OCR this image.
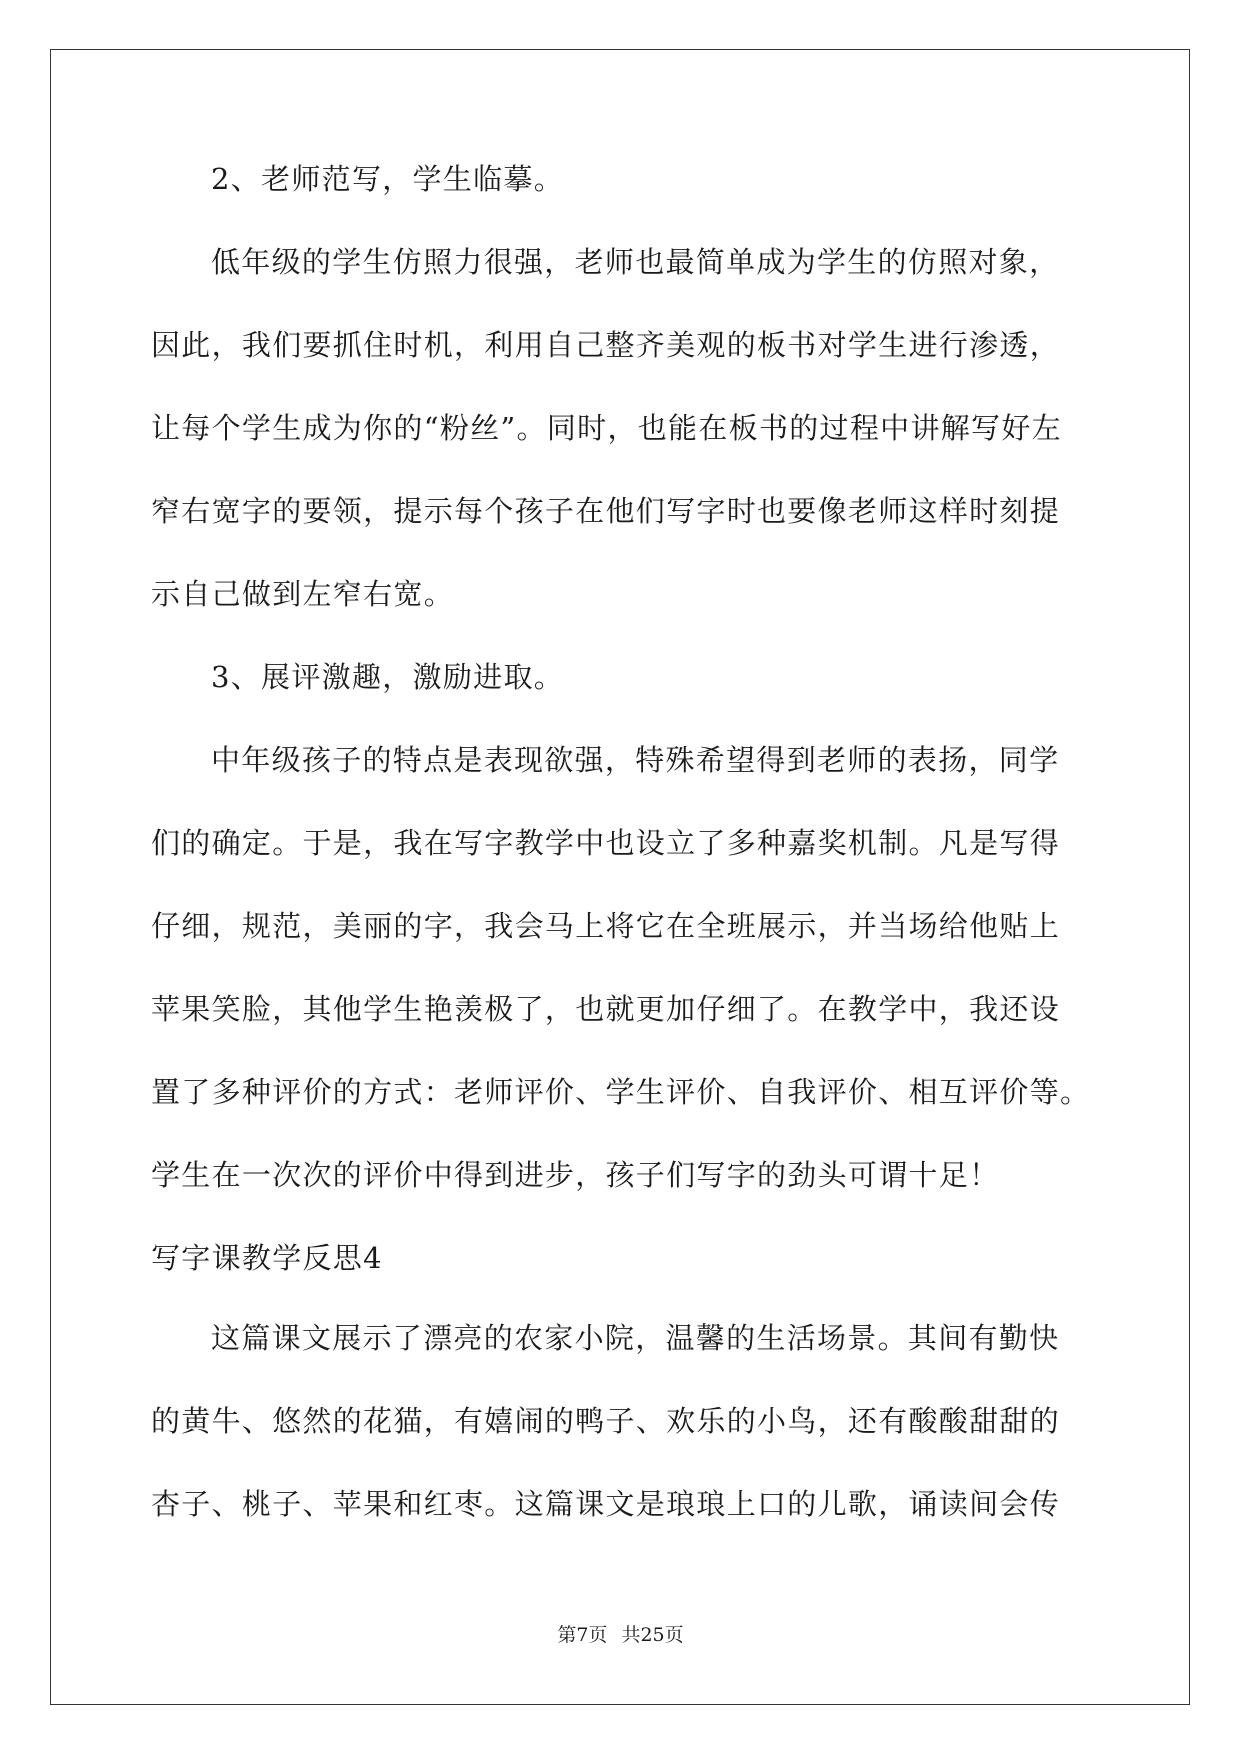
2、老师范写，学生临摹。
低年级的学生仿照力很强，老师也最简单成为学生的仿照对象，
因此，我们要抓住时机，利用自己整齐美观的板书对学生进行渗透，
让每个学生成为你的“粉丝”。同时，也能在板书的过程中讲解写好左
窄右宽字的要领，提示每个孩子在他们写字时也要像老师这样时刻提
示自己做到左窄右宽。
3、展评激趣，激励进取。
中年级孩子的特点是表现欲强，特殊希望得到老师的表扬，同学
们的确定。于是，我在写字教学中也设立了多种嘉奖机制。凡是写得
仔细，规范，美丽的字，我会马上将它在全班展示，并当场给他贴上
苹果笑脸，其他学生艳羡极了，也就更加仔细了。在教学中，我还设
置了多种评价的方式：老师评价、学生评价、自我评价、相互评价等。
学生在一次次的评价中得到进步，孩子们写字的劲头可谓十足！
写字课教学反思4
这篇课文展示了漂亮的农家小院，温馨的生活场景。其间有勤快
的黄牛、悠然的花猫，有嬉闹的鸭子、欢乐的小鸟，还有酸酸甜甜的
杏子、桃子、苹果和红枣。这篇课文是琅琅上口的儿歌，诵读间会传
第7页 共25页
